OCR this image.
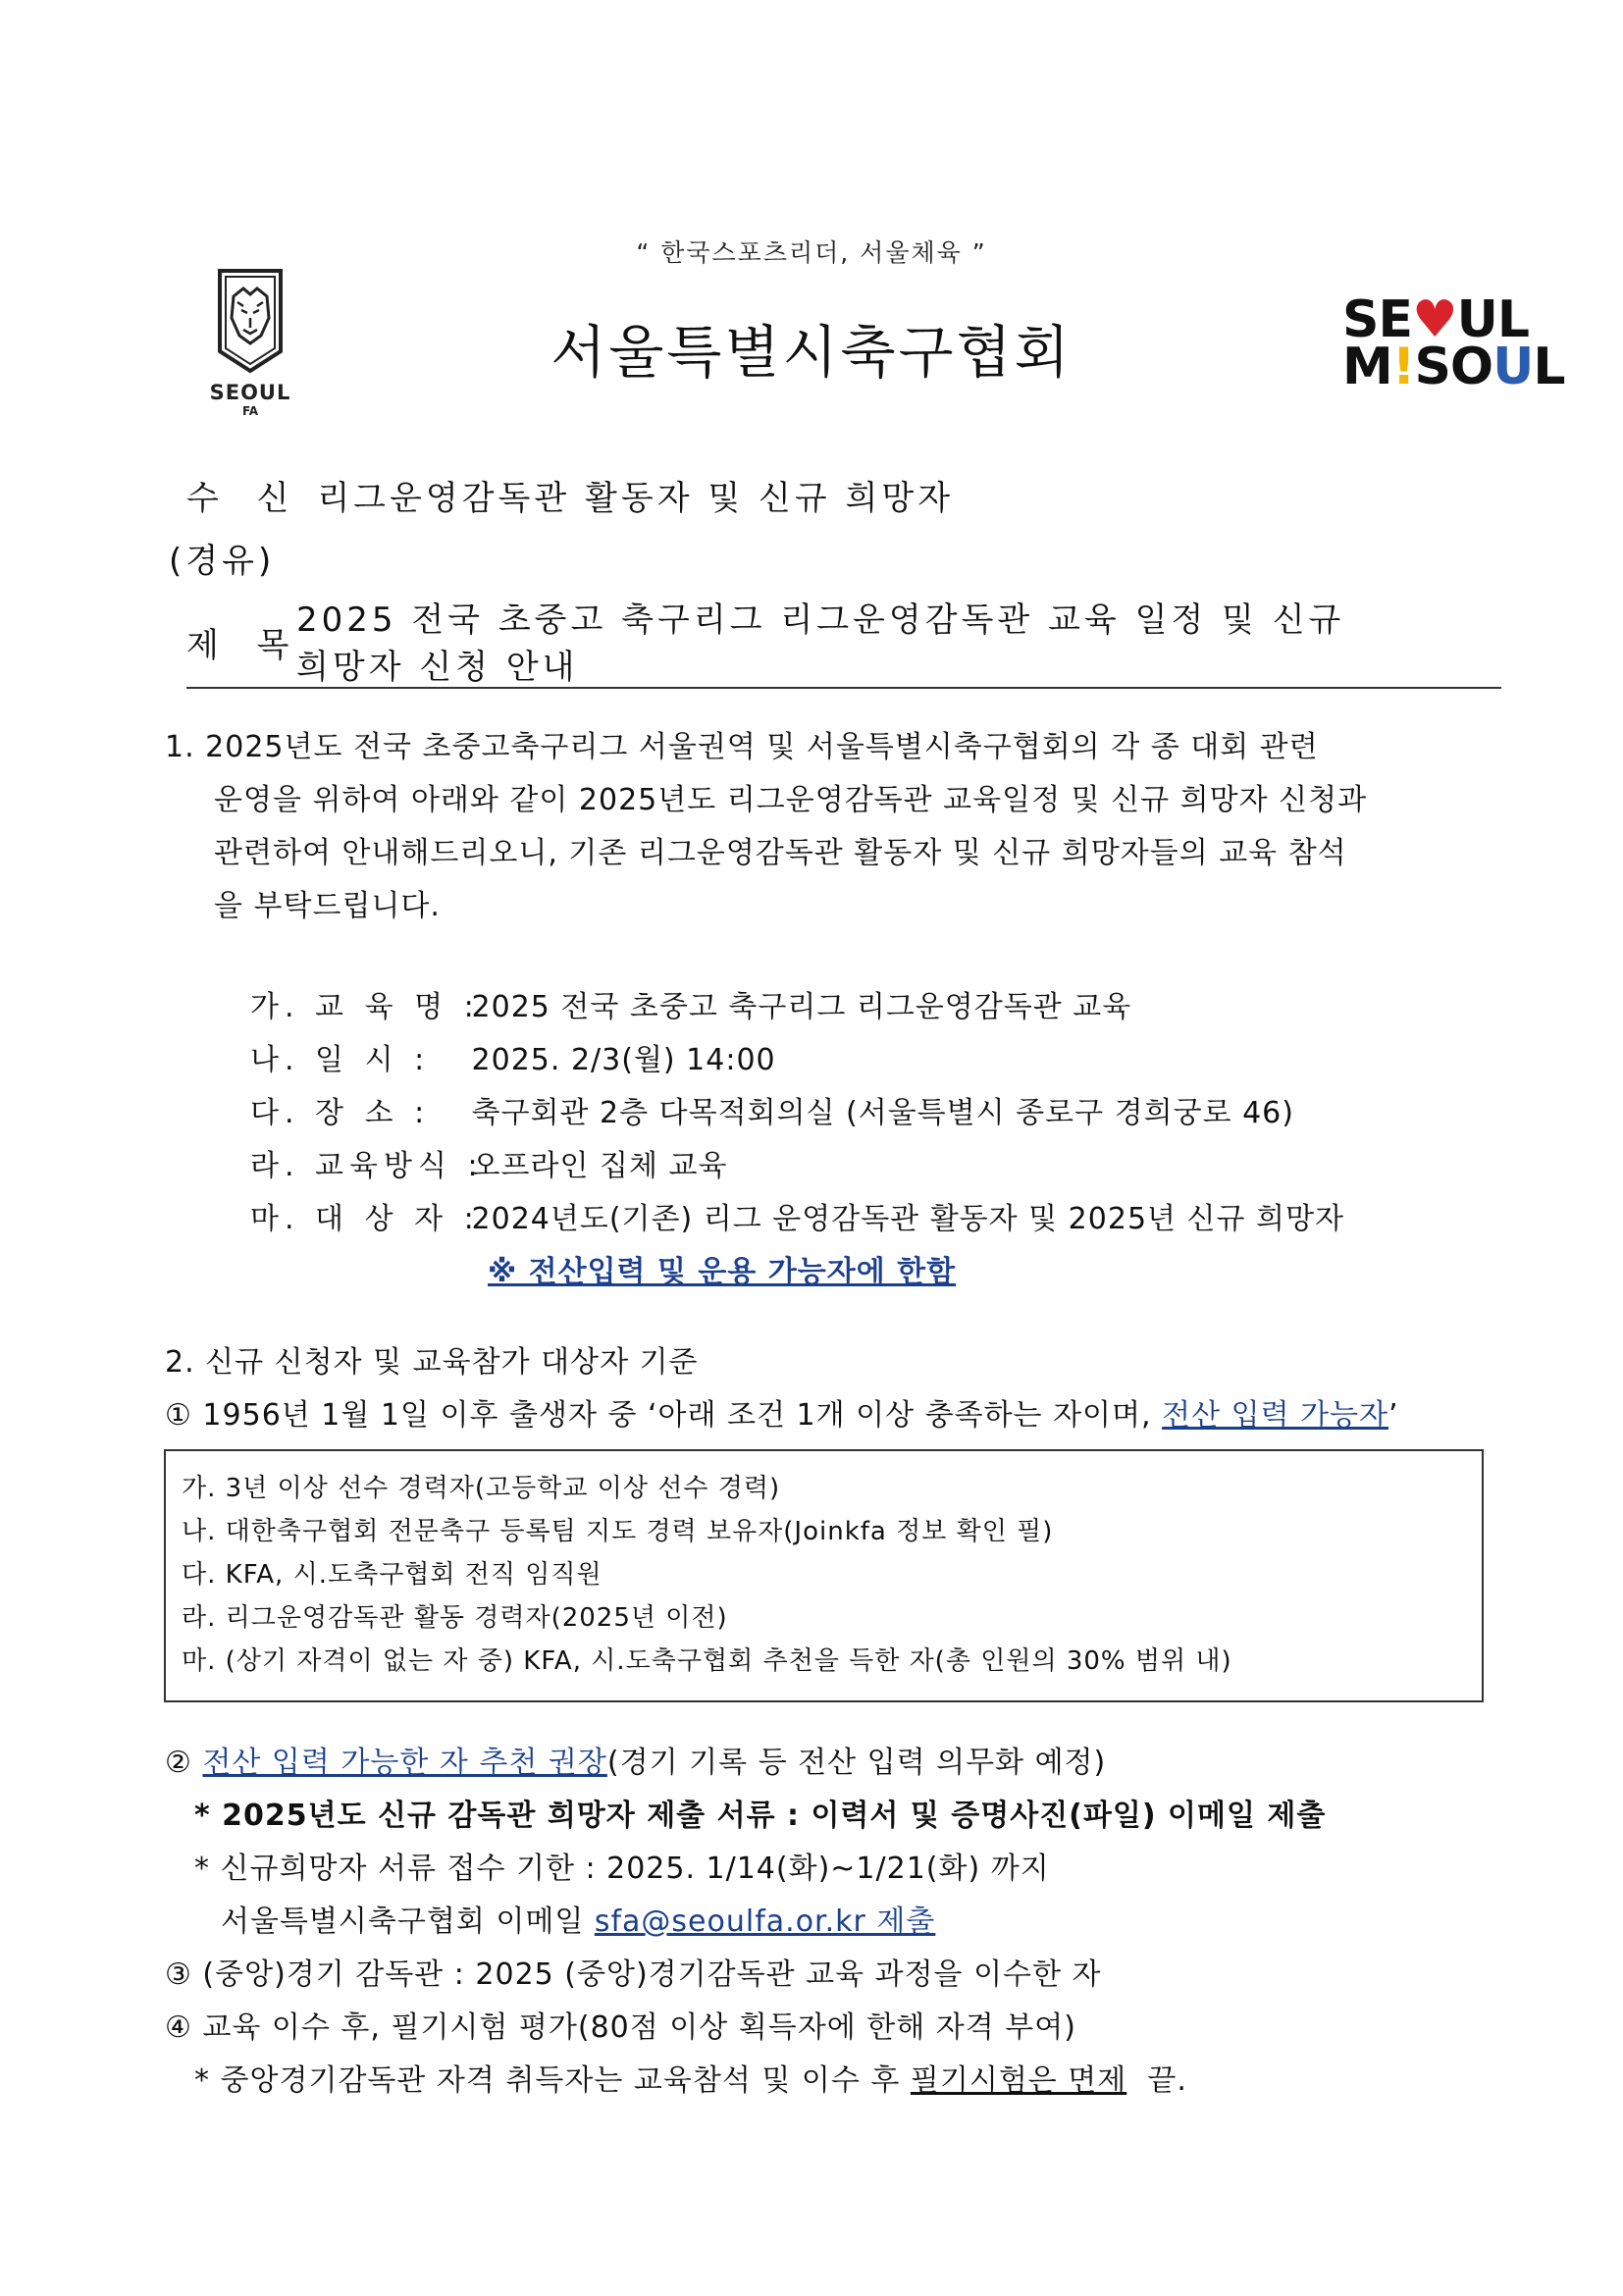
“ 한국스포츠리더, 서울체육 ”
SEOUL
FA
서울특별시축구협회	SE♥UL
M!SOUL
수 신 리그운영감독관 활동자 및 신규 희망자
(경유)
제 목
2025 전국 초중고 축구리그 리그운영감독관 교육 일정 및 신규
희망자 신청 안내
1. 2025년도 전국 초중고축구리그 서울권역 및 서울특별시축구협회의 각 종 대회 관련
운영을 위하여 아래와 같이 2025년도 리그운영감독관 교육일정 및 신규 희망자 신청과
관련하여 안내해드리오니, 기존 리그운영감독관 활동자 및 신규 희망자들의 교육 참석
을 부탁드립니다.
가. 교 육 명 : 2025 전국 초중고 축구리그 리그운영감독관 교육
나. 일 시 : 2025. 2/3(월) 14:00
다. 장 소 : 축구회관 2층 다목적회의실 (서울특별시 종로구 경희궁로 46)
라. 교육방식 : 오프라인 집체 교육
마. 대 상 자 : 2024년도(기존) 리그 운영감독관 활동자 및 2025년 신규 희망자
※ 전산입력 및 운용 가능자에 한함
2. 신규 신청자 및 교육참가 대상자 기준
① 1956년 1월 1일 이후 출생자 중 ‘아래 조건 1개 이상 충족하는 자이며, 전산 입력 가능자’
가. 3년 이상 선수 경력자(고등학교 이상 선수 경력)
나. 대한축구협회 전문축구 등록팀 지도 경력 보유자(Joinkfa 정보 확인 필)
다. KFA, 시.도축구협회 전직 임직원
라. 리그운영감독관 활동 경력자(2025년 이전)
마. (상기 자격이 없는 자 중) KFA, 시.도축구협회 추천을 득한 자(총 인원의 30% 범위 내)
② 전산 입력 가능한 자 추천 권장(경기 기록 등 전산 입력 의무화 예정)
* 2025년도 신규 감독관 희망자 제출 서류 : 이력서 및 증명사진(파일) 이메일 제출
* 신규희망자 서류 접수 기한 : 2025. 1/14(화)~1/21(화) 까지
서울특별시축구협회 이메일 sfa@seoulfa.or.kr 제출
③ (중앙)경기 감독관 : 2025 (중앙)경기감독관 교육 과정을 이수한 자
④ 교육 이수 후, 필기시험 평가(80점 이상 획득자에 한해 자격 부여)
* 중앙경기감독관 자격 취득자는 교육참석 및 이수 후 필기시험은 면제  끝.
